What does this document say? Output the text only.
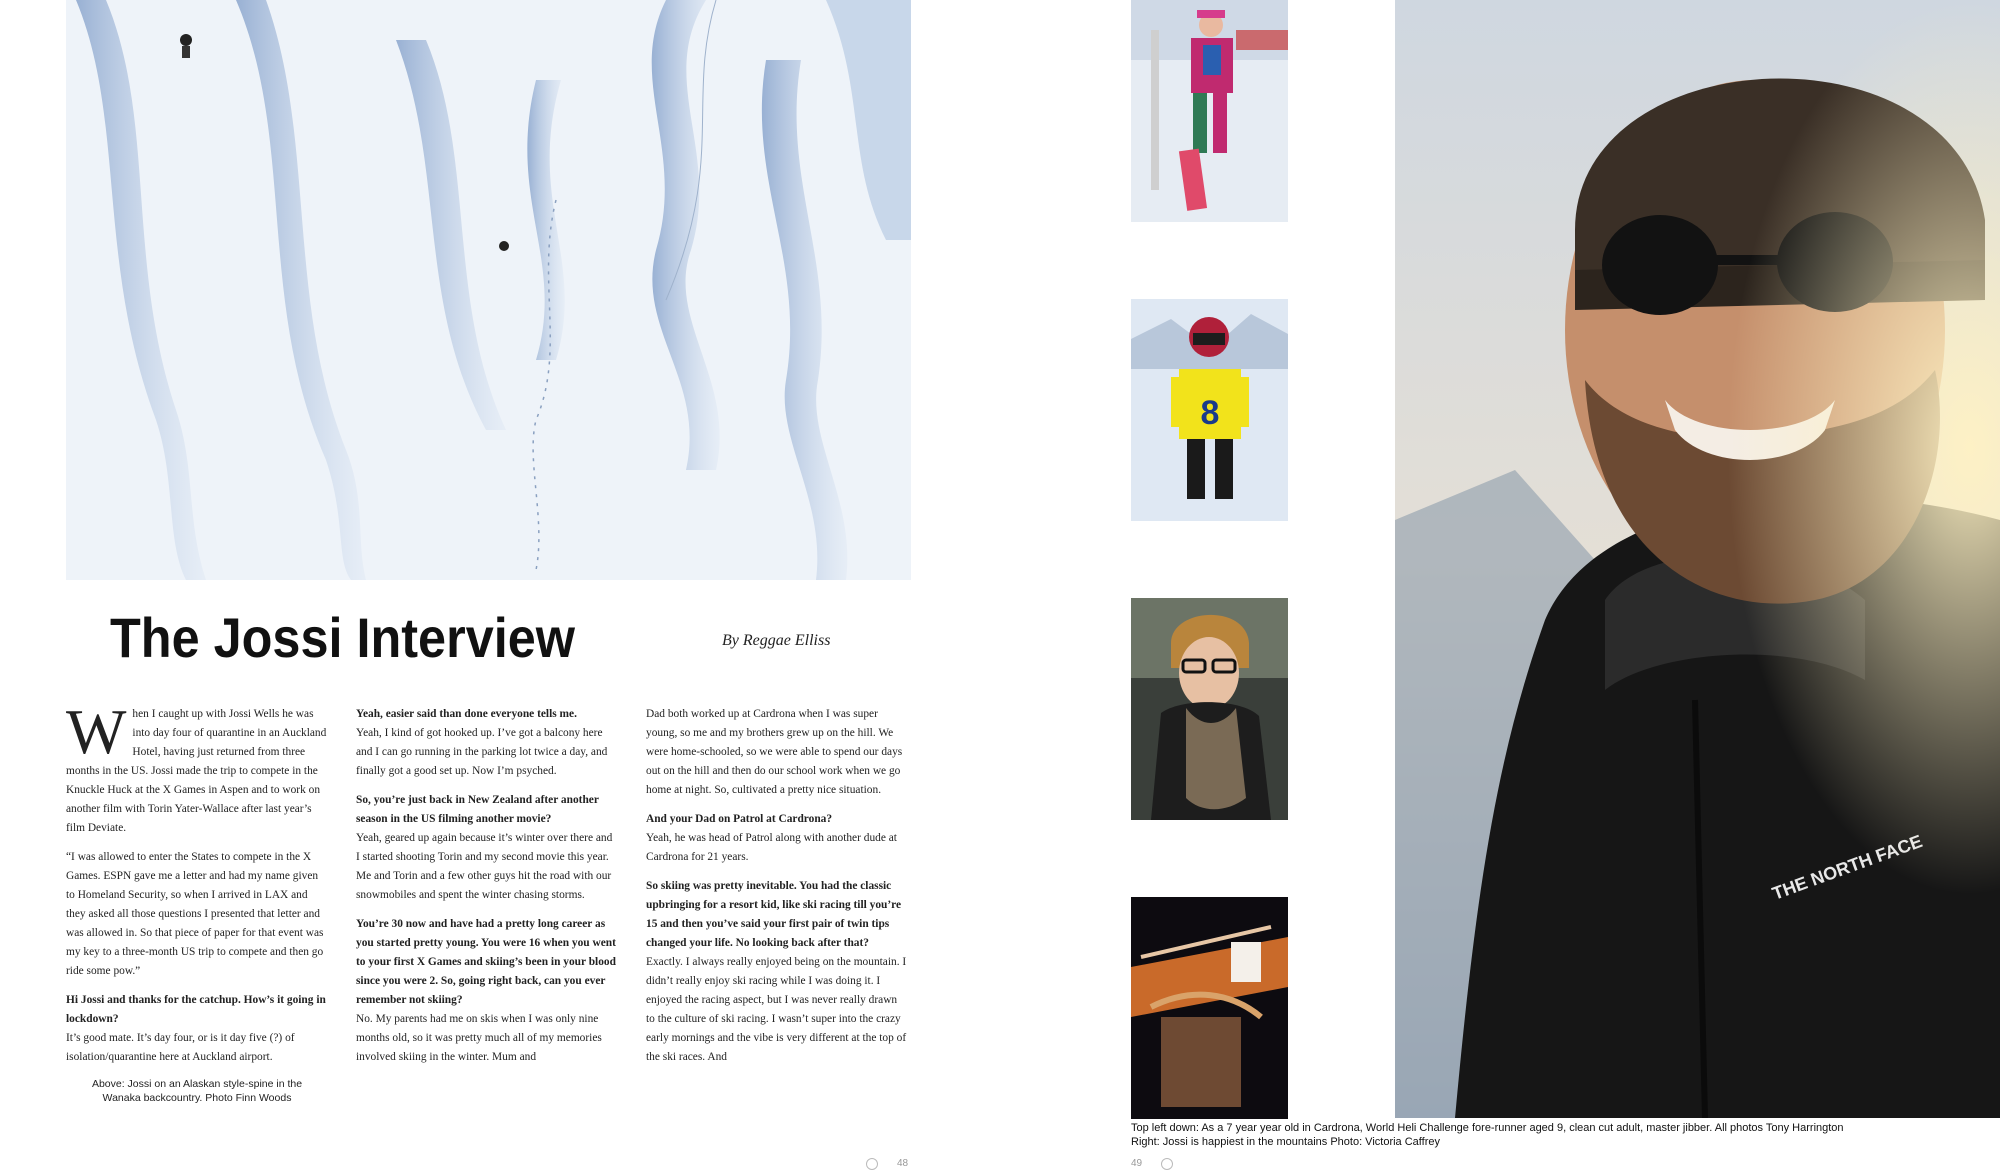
The Jossi Interview	By Reggae Elliss

When I caught up with Jossi Wells he was into day four of quarantine in an Auckland Hotel, having just returned from three months in the US. Jossi made the trip to compete in the Knuckle Huck at the X Games in Aspen and to work on another film with Torin Yater-Wallace after last year’s film Deviate.

“I was allowed to enter the States to compete in the X Games. ESPN gave me a letter and had my name given to Homeland Security, so when I arrived in LAX and they asked all those questions I presented that letter and was allowed in. So that piece of paper for that event was my key to a three-month US trip to compete and then go ride some pow.”

Hi Jossi and thanks for the catchup. How’s it going in lockdown?
It’s good mate. It’s day four, or is it day five (?) of isolation/quarantine here at Auckland airport.

Above: Jossi on an Alaskan style-spine in the Wanaka backcountry. Photo Finn Woods

Yeah, easier said than done everyone tells me.
Yeah, I kind of got hooked up. I’ve got a balcony here and I can go running in the parking lot twice a day, and finally got a good set up. Now I’m psyched.

So, you’re just back in New Zealand after another season in the US filming another movie?
Yeah, geared up again because it’s winter over there and I started shooting Torin and my second movie this year. Me and Torin and a few other guys hit the road with our snowmobiles and spent the winter chasing storms.

You’re 30 now and have had a pretty long career as you started pretty young. You were 16 when you went to your first X Games and skiing’s been in your blood since you were 2. So, going right back, can you ever remember not skiing?
No. My parents had me on skis when I was only nine months old, so it was pretty much all of my memories involved skiing in the winter. Mum and

Dad both worked up at Cardrona when I was super young, so me and my brothers grew up on the hill. We were home-schooled, so we were able to spend our days out on the hill and then do our school work when we go home at night. So, cultivated a pretty nice situation.

And your Dad on Patrol at Cardrona?
Yeah, he was head of Patrol along with another dude at Cardrona for 21 years.

So skiing was pretty inevitable. You had the classic upbringing for a resort kid, like ski racing till you’re 15 and then you’ve said your first pair of twin tips changed your life. No looking back after that?
Exactly. I always really enjoyed being on the mountain. I didn’t really enjoy ski racing while I was doing it. I enjoyed the racing aspect, but I was never really drawn to the culture of ski racing. I wasn’t super into the crazy early mornings and the vibe is very different at the top of the ski races. And

48
8
Top left down: As a 7 year year old in Cardrona, World Heli Challenge fore-runner aged 9, clean cut adult, master jibber. All photos Tony Harrington
Right: Jossi is happiest in the mountains Photo: Victoria Caffrey
49
